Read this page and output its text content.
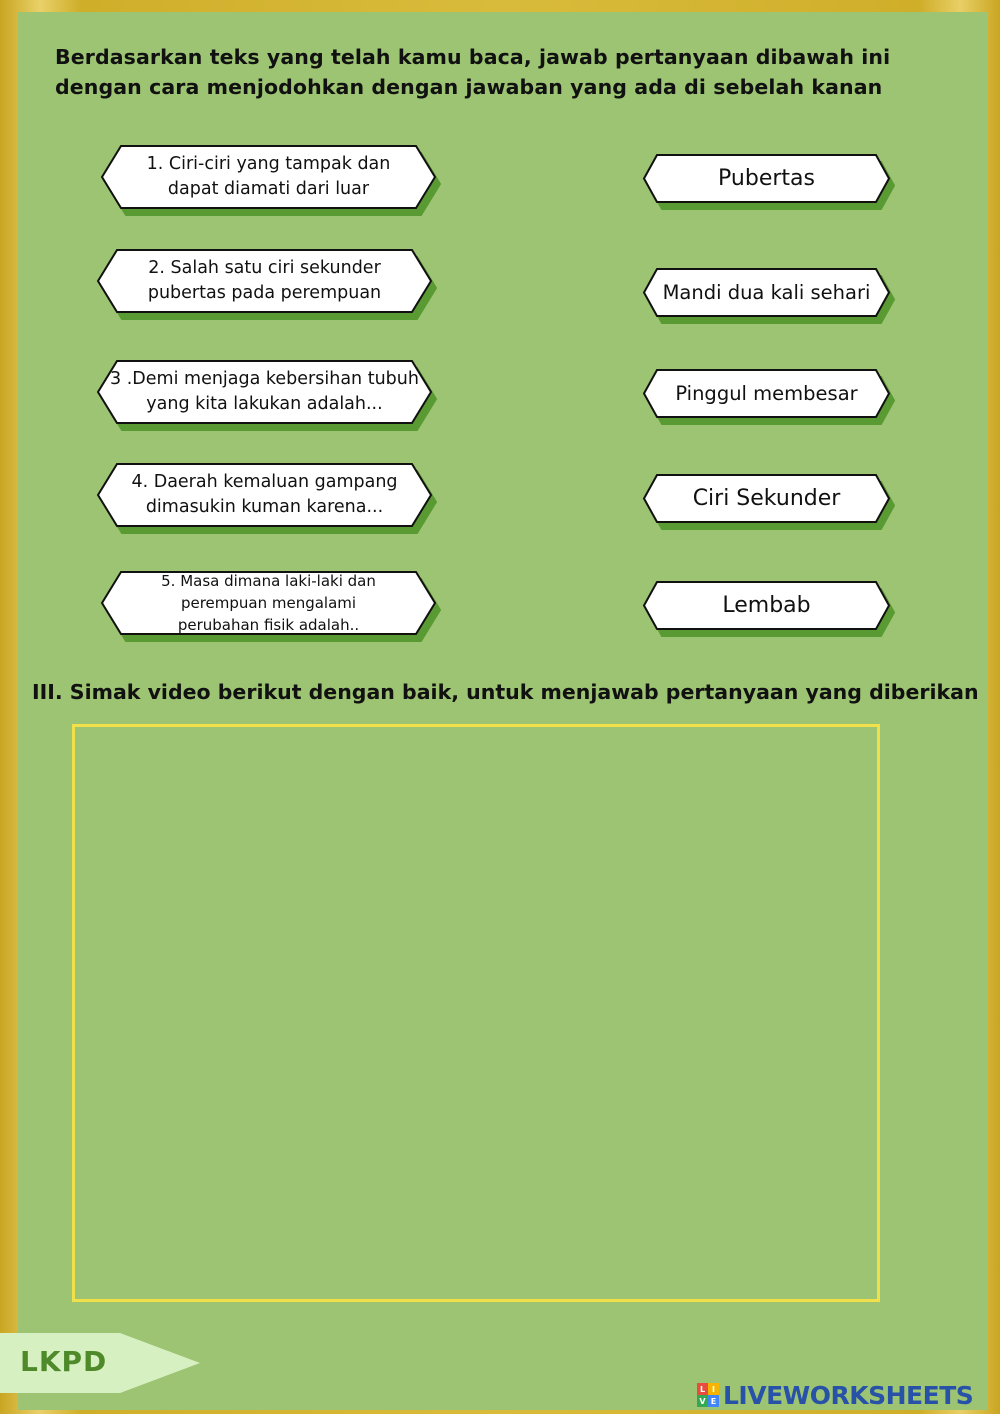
Berdasarkan teks yang telah kamu baca, jawab pertanyaan dibawah ini dengan cara menjodohkan dengan jawaban yang ada di sebelah kanan
1. Ciri-ciri yang tampak dan
dapat diamati dari luar
2. Salah satu ciri sekunder
pubertas pada perempuan
3 .Demi menjaga kebersihan tubuh
yang kita lakukan adalah...
4. Daerah kemaluan gampang
dimasukin kuman karena...
5. Masa dimana laki-laki dan
perempuan mengalami
perubahan fisik adalah..
Pubertas
Mandi dua kali sehari
Pinggul membesar
Ciri Sekunder
Lembab
III. Simak video berikut dengan baik, untuk menjawab pertanyaan yang diberikan
LKPD
L I
V E LIVEWORKSHEETS
